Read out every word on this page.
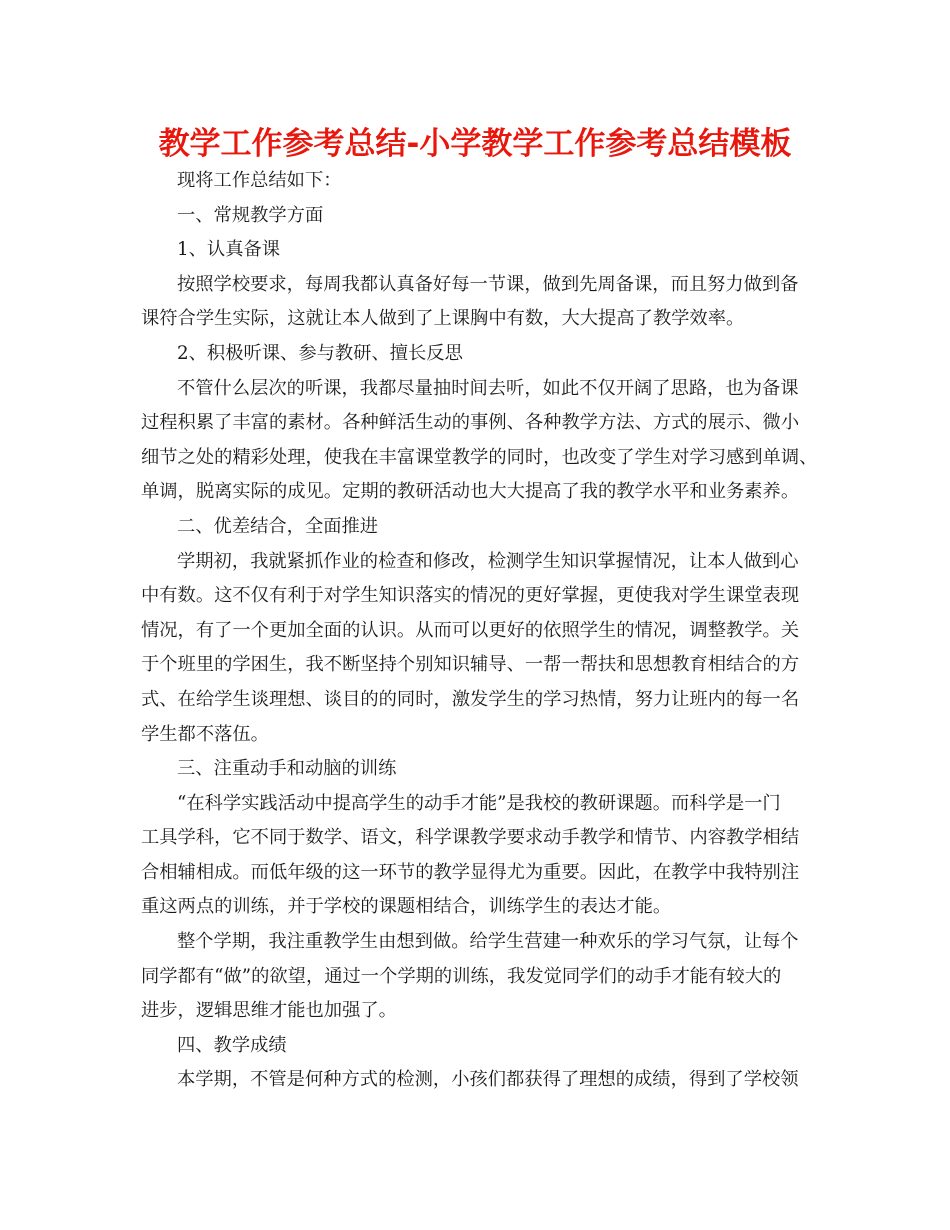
教学工作参考总结-小学教学工作参考总结模板
现将工作总结如下：
一、常规教学方面
1、认真备课
按照学校要求，每周我都认真备好每一节课，做到先周备课，而且努力做到备
课符合学生实际，这就让本人做到了上课胸中有数，大大提高了教学效率。
2、积极听课、参与教研、擅长反思
不管什么层次的听课，我都尽量抽时间去听，如此不仅开阔了思路，也为备课
过程积累了丰富的素材。各种鲜活生动的事例、各种教学方法、方式的展示、微小
细节之处的精彩处理，使我在丰富课堂教学的同时，也改变了学生对学习感到单调、
单调，脱离实际的成见。定期的教研活动也大大提高了我的教学水平和业务素养。
二、优差结合，全面推进
学期初，我就紧抓作业的检查和修改，检测学生知识掌握情况，让本人做到心
中有数。这不仅有利于对学生知识落实的情况的更好掌握，更使我对学生课堂表现
情况，有了一个更加全面的认识。从而可以更好的依照学生的情况，调整教学。关
于个班里的学困生，我不断坚持个别知识辅导、一帮一帮扶和思想教育相结合的方
式、在给学生谈理想、谈目的的同时，激发学生的学习热情，努力让班内的每一名
学生都不落伍。
三、注重动手和动脑的训练
“在科学实践活动中提高学生的动手才能”是我校的教研课题。而科学是一门
工具学科，它不同于数学、语文，科学课教学要求动手教学和情节、内容教学相结
合相辅相成。而低年级的这一环节的教学显得尤为重要。因此，在教学中我特别注
重这两点的训练，并于学校的课题相结合，训练学生的表达才能。
整个学期，我注重教学生由想到做。给学生营建一种欢乐的学习气氛，让每个
同学都有“做”的欲望，通过一个学期的训练，我发觉同学们的动手才能有较大的
进步，逻辑思维才能也加强了。
四、教学成绩
本学期，不管是何种方式的检测，小孩们都获得了理想的成绩，得到了学校领
